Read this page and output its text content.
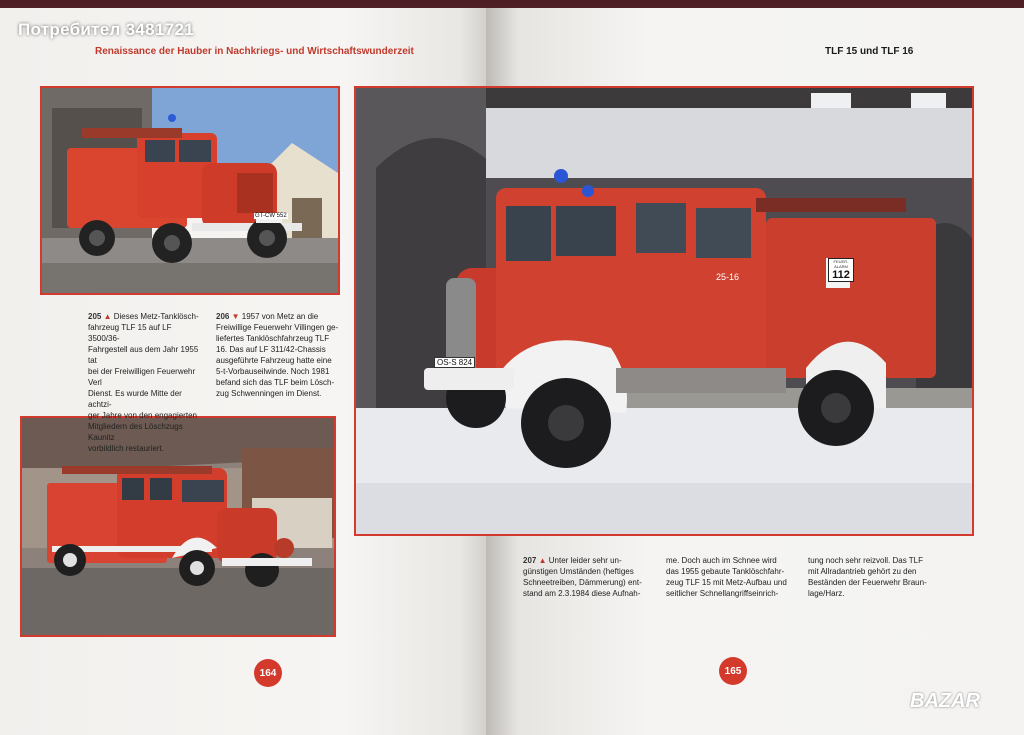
Renaissance der Hauber in Nachkriegs- und Wirtschaftswunderzeit	TLF 15 und TLF 16
GT-CW 552
OS-S 824
25-16
FEUER-ALARM
112
205 ▲ Dieses Metz-Tanklösch-
fahrzeug TLF 15 auf LF 3500/36-
Fahrgestell aus dem Jahr 1955 tat
bei der Freiwilligen Feuerwehr Verl
Dienst. Es wurde Mitte der achtzi-
ger Jahre von den engagierten
Mitgliedern des Löschzugs Kaunitz
vorbildlich restauriert.
206 ▼ 1957 von Metz an die
Freiwillige Feuerwehr Villingen ge-
liefertes Tanklöschfahrzeug TLF
16. Das auf LF 311/42-Chassis
ausgeführte Fahrzeug hatte eine
5-t-Vorbauseilwinde. Noch 1981
befand sich das TLF beim Lösch-
zug Schwenningen im Dienst.
207 ▲ Unter leider sehr un-
günstigen Umständen (heftiges
Schneetreiben, Dämmerung) ent-
stand am 2.3.1984 diese Aufnah-
me. Doch auch im Schnee wird
das 1955 gebaute Tanklöschfahr-
zeug TLF 15 mit Metz-Aufbau und
seitlicher Schnellangriffseinrich-
tung noch sehr reizvoll. Das TLF
mit Allradantrieb gehört zu den
Beständen der Feuerwehr Braun-
lage/Harz.
164	165
Потребител 3481721
BAZAR
